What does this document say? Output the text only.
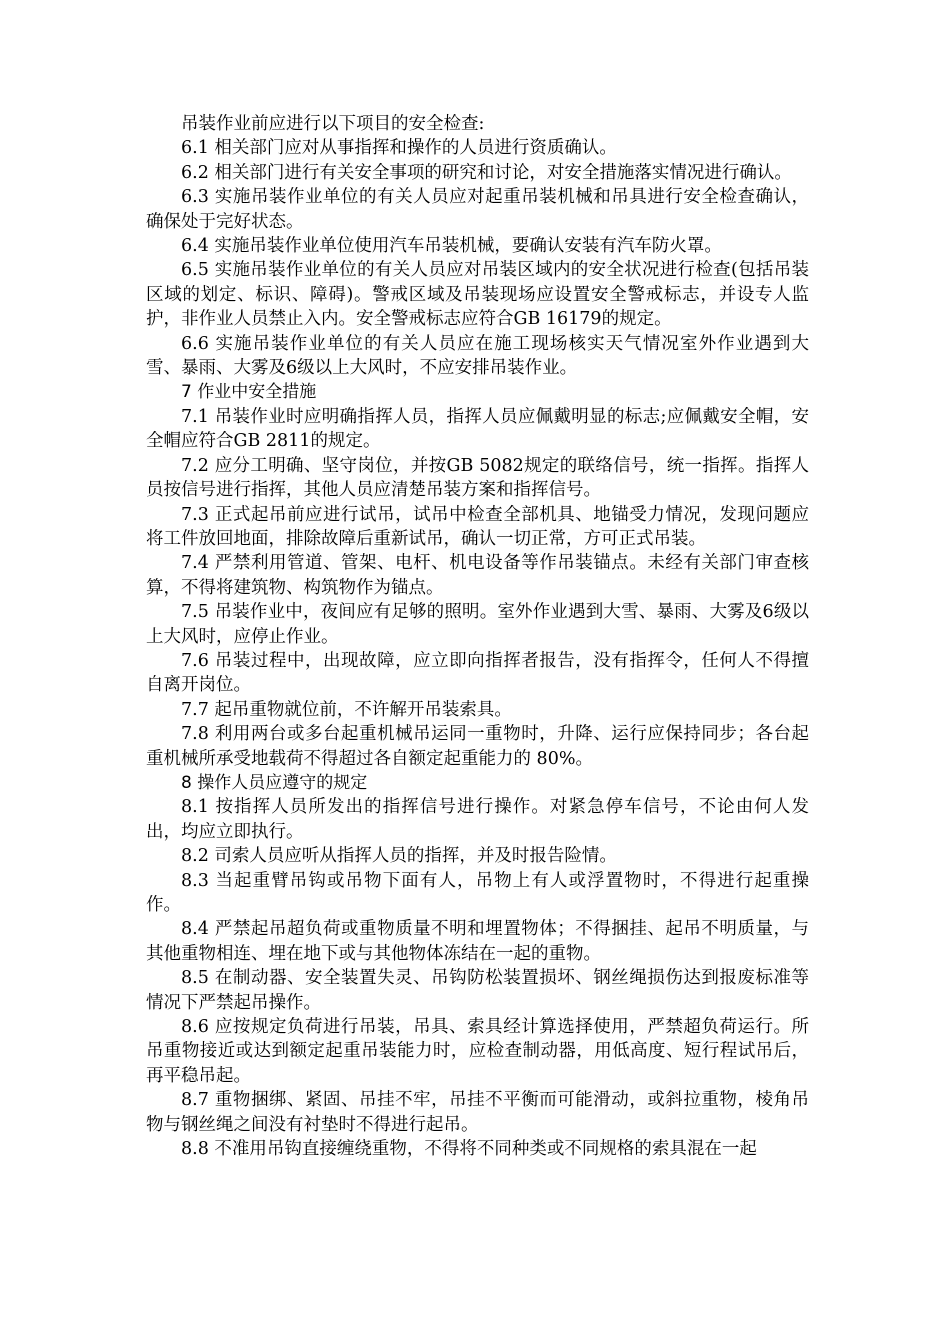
吊装作业前应进行以下项目的安全检查:

6.1 相关部门应对从事指挥和操作的人员进行资质确认。

6.2 相关部门进行有关安全事项的研究和讨论，对安全措施落实情况进行确认。

6.3 实施吊装作业单位的有关人员应对起重吊装机械和吊具进行安全检查确认，确保处于完好状态。

6.4 实施吊装作业单位使用汽车吊装机械，要确认安装有汽车防火罩。

6.5 实施吊装作业单位的有关人员应对吊装区域内的安全状况进行检查(包括吊装区域的划定、标识、障碍)。警戒区域及吊装现场应设置安全警戒标志，并设专人监护，非作业人员禁止入内。安全警戒标志应符合GB 16179的规定。

6.6 实施吊装作业单位的有关人员应在施工现场核实天气情况室外作业遇到大雪、暴雨、大雾及6级以上大风时，不应安排吊装作业。

7 作业中安全措施

7.1 吊装作业时应明确指挥人员，指挥人员应佩戴明显的标志;应佩戴安全帽，安全帽应符合GB 2811的规定。

7.2 应分工明确、坚守岗位，并按GB 5082规定的联络信号，统一指挥。指挥人员按信号进行指挥，其他人员应清楚吊装方案和指挥信号。

7.3 正式起吊前应进行试吊，试吊中检查全部机具、地锚受力情况，发现问题应将工件放回地面，排除故障后重新试吊，确认一切正常，方可正式吊装。

7.4 严禁利用管道、管架、电杆、机电设备等作吊装锚点。未经有关部门审查核算，不得将建筑物、构筑物作为锚点。

7.5 吊装作业中，夜间应有足够的照明。室外作业遇到大雪、暴雨、大雾及6级以上大风时，应停止作业。

7.6 吊装过程中，出现故障，应立即向指挥者报告，没有指挥令，任何人不得擅自离开岗位。

7.7 起吊重物就位前，不许解开吊装索具。

7.8 利用两台或多台起重机械吊运同一重物时，升降、运行应保持同步；各台起重机械所承受地载荷不得超过各自额定起重能力的 80%。

8 操作人员应遵守的规定

8.1 按指挥人员所发出的指挥信号进行操作。对紧急停车信号，不论由何人发出，均应立即执行。

8.2 司索人员应听从指挥人员的指挥，并及时报告险情。

8.3 当起重臂吊钩或吊物下面有人，吊物上有人或浮置物时，不得进行起重操作。

8.4 严禁起吊超负荷或重物质量不明和埋置物体；不得捆挂、起吊不明质量，与其他重物相连、埋在地下或与其他物体冻结在一起的重物。

8.5 在制动器、安全装置失灵、吊钩防松装置损坏、钢丝绳损伤达到报废标准等情况下严禁起吊操作。

8.6 应按规定负荷进行吊装，吊具、索具经计算选择使用，严禁超负荷运行。所吊重物接近或达到额定起重吊装能力时，应检查制动器，用低高度、短行程试吊后，再平稳吊起。

8.7 重物捆绑、紧固、吊挂不牢，吊挂不平衡而可能滑动，或斜拉重物，棱角吊物与钢丝绳之间没有衬垫时不得进行起吊。

8.8 不准用吊钩直接缠绕重物，不得将不同种类或不同规格的索具混在一起
